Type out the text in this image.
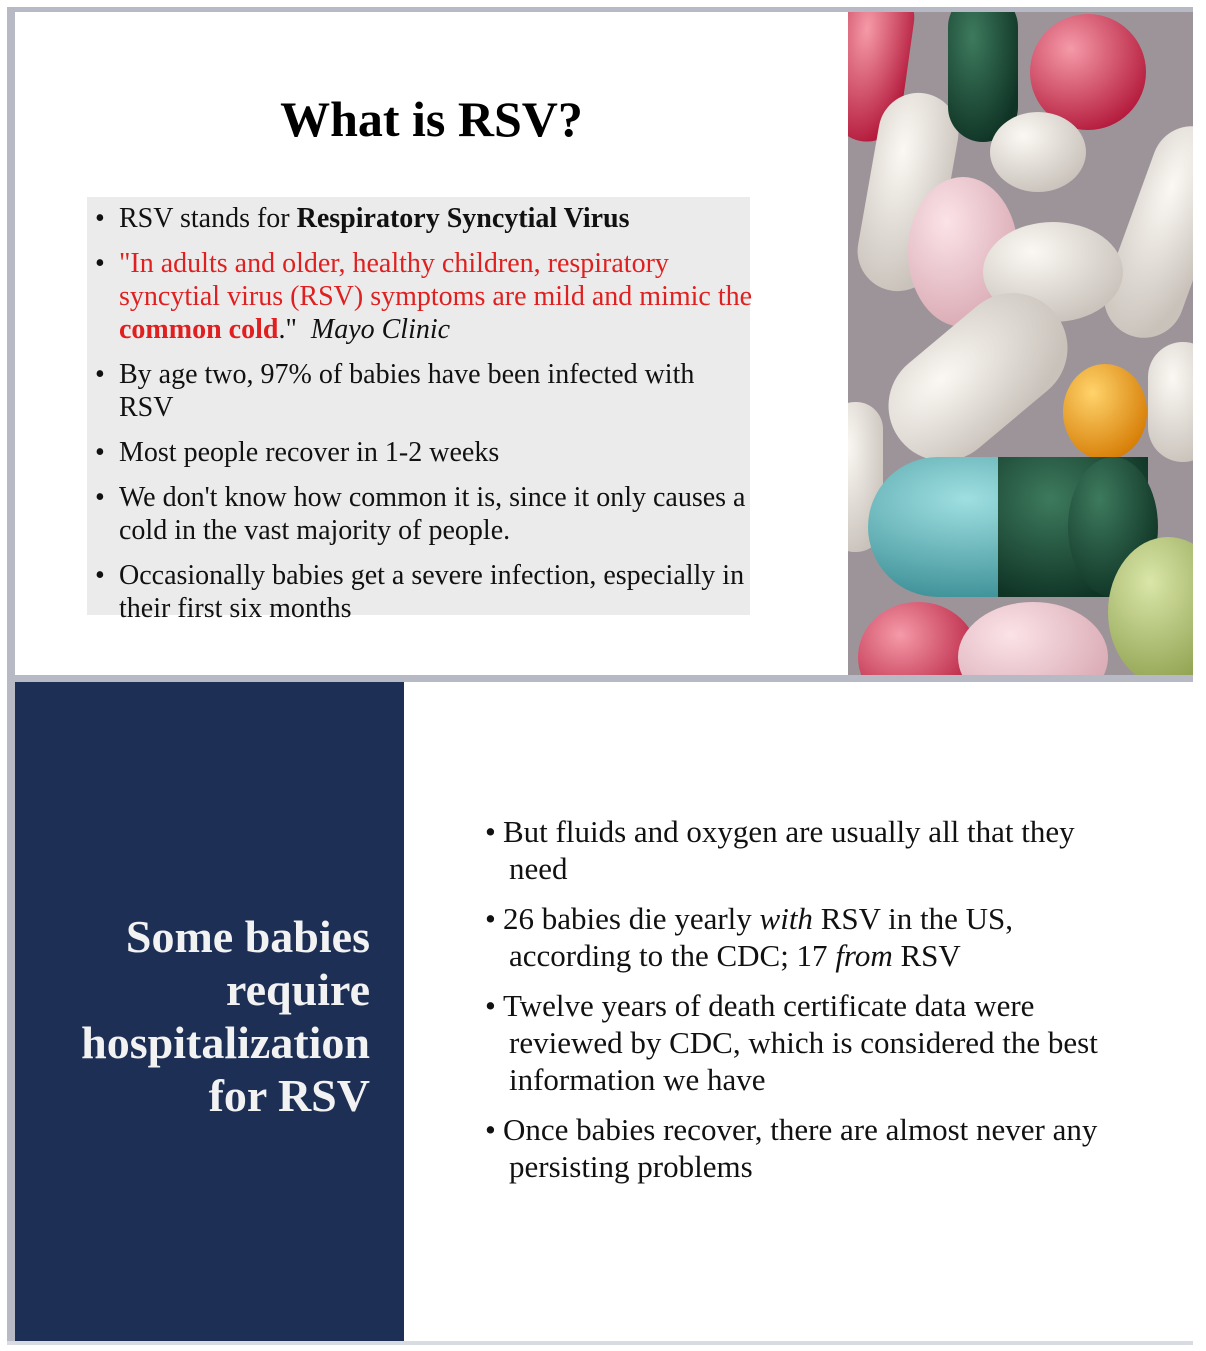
What is RSV?
• RSV stands for Respiratory Syncytial Virus
• "In adults and older, healthy children, respiratory syncytial virus (RSV) symptoms are mild and mimic the common cold."  Mayo Clinic
• By age two, 97% of babies have been infected with RSV
• Most people recover in 1-2 weeks
• We don't know how common it is, since it only causes a cold in the vast majority of people.
• Occasionally babies get a severe infection, especially in their first six months
Some babies require hospitalization for RSV
• But fluids and oxygen are usually all that they need
• 26 babies die yearly with RSV in the US, according to the CDC; 17 from RSV
• Twelve years of death certificate data were reviewed by CDC, which is considered the best information we have
• Once babies recover, there are almost never any persisting problems
